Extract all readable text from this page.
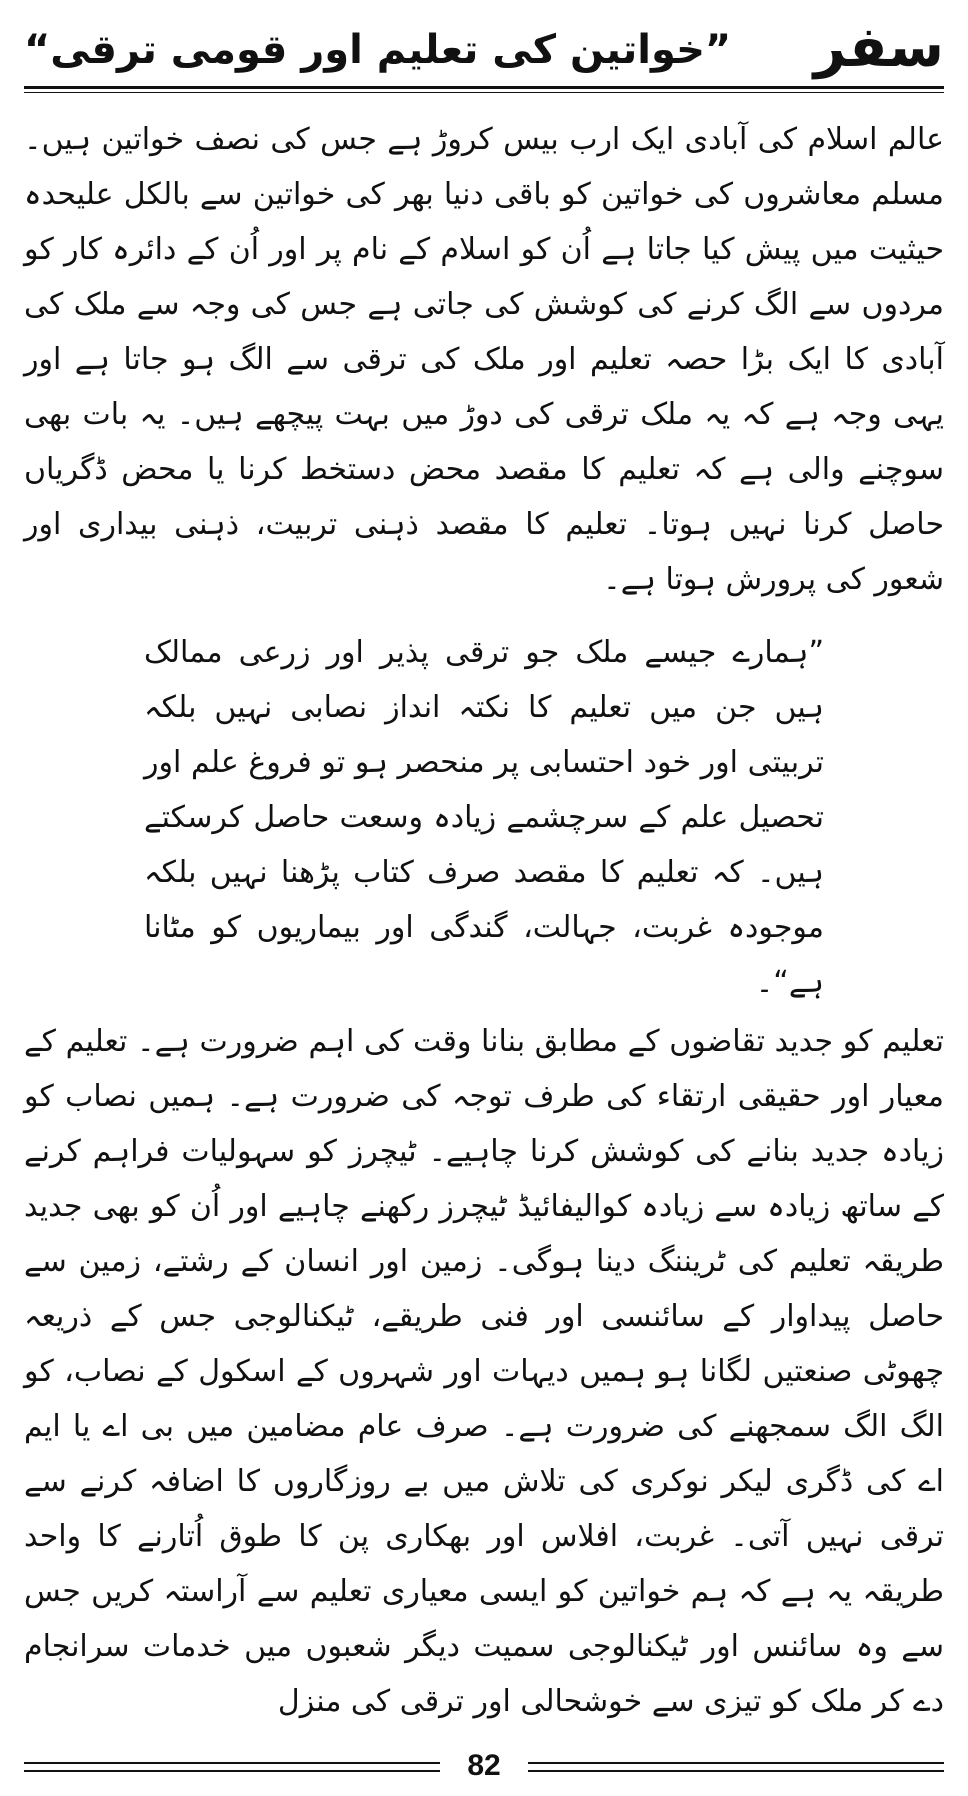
سفر
”خواتین کی تعلیم اور قومی ترقی“

عالم اسلام کی آبادی ایک ارب بیس کروڑ ہے جس کی نصف خواتین ہیں۔ مسلم معاشروں کی خواتین کو باقی دنیا بھر کی خواتین سے بالکل علیحدہ حیثیت میں پیش کیا جاتا ہے اُن کو اسلام کے نام پر اور اُن کے دائرہ کار کو مردوں سے الگ کرنے کی کوشش کی جاتی ہے جس کی وجہ سے ملک کی آبادی کا ایک بڑا حصہ تعلیم اور ملک کی ترقی سے الگ ہو جاتا ہے اور یہی وجہ ہے کہ یہ ملک ترقی کی دوڑ میں بہت پیچھے ہیں۔ یہ بات بھی سوچنے والی ہے کہ تعلیم کا مقصد محض دستخط کرنا یا محض ڈگریاں حاصل کرنا نہیں ہوتا۔ تعلیم کا مقصد ذہنی تربیت، ذہنی بیداری اور شعور کی پرورش ہوتا ہے۔

”ہمارے جیسے ملک جو ترقی پذیر اور زرعی ممالک ہیں جن میں تعلیم کا نکتہ انداز نصابی نہیں بلکہ تربیتی اور خود احتسابی پر منحصر ہو تو فروغ علم اور تحصیل علم کے سرچشمے زیادہ وسعت حاصل کرسکتے ہیں۔ کہ تعلیم کا مقصد صرف کتاب پڑھنا نہیں بلکہ موجودہ غربت، جہالت، گندگی اور بیماریوں کو مٹانا ہے“۔

تعلیم کو جدید تقاضوں کے مطابق بنانا وقت کی اہم ضرورت ہے۔ تعلیم کے معیار اور حقیقی ارتقاء کی طرف توجہ کی ضرورت ہے۔ ہمیں نصاب کو زیادہ جدید بنانے کی کوشش کرنا چاہیے۔ ٹیچرز کو سہولیات فراہم کرنے کے ساتھ زیادہ سے زیادہ کوالیفائیڈ ٹیچرز رکھنے چاہیے اور اُن کو بھی جدید طریقہ تعلیم کی ٹریننگ دینا ہوگی۔ زمین اور انسان کے رشتے، زمین سے حاصل پیداوار کے سائنسی اور فنی طریقے، ٹیکنالوجی جس کے ذریعہ چھوٹی صنعتیں لگانا ہو ہمیں دیہات اور شہروں کے اسکول کے نصاب، کو الگ الگ سمجھنے کی ضرورت ہے۔ صرف عام مضامین میں بی اے یا ایم اے کی ڈگری لیکر نوکری کی تلاش میں بے روزگاروں کا اضافہ کرنے سے ترقی نہیں آتی۔ غربت، افلاس اور بھکاری پن کا طوق اُتارنے کا واحد طریقہ یہ ہے کہ ہم خواتین کو ایسی معیاری تعلیم سے آراستہ کریں جس سے وہ سائنس اور ٹیکنالوجی سمیت دیگر شعبوں میں خدمات سرانجام دے کر ملک کو تیزی سے خوشحالی اور ترقی کی منزل

82
